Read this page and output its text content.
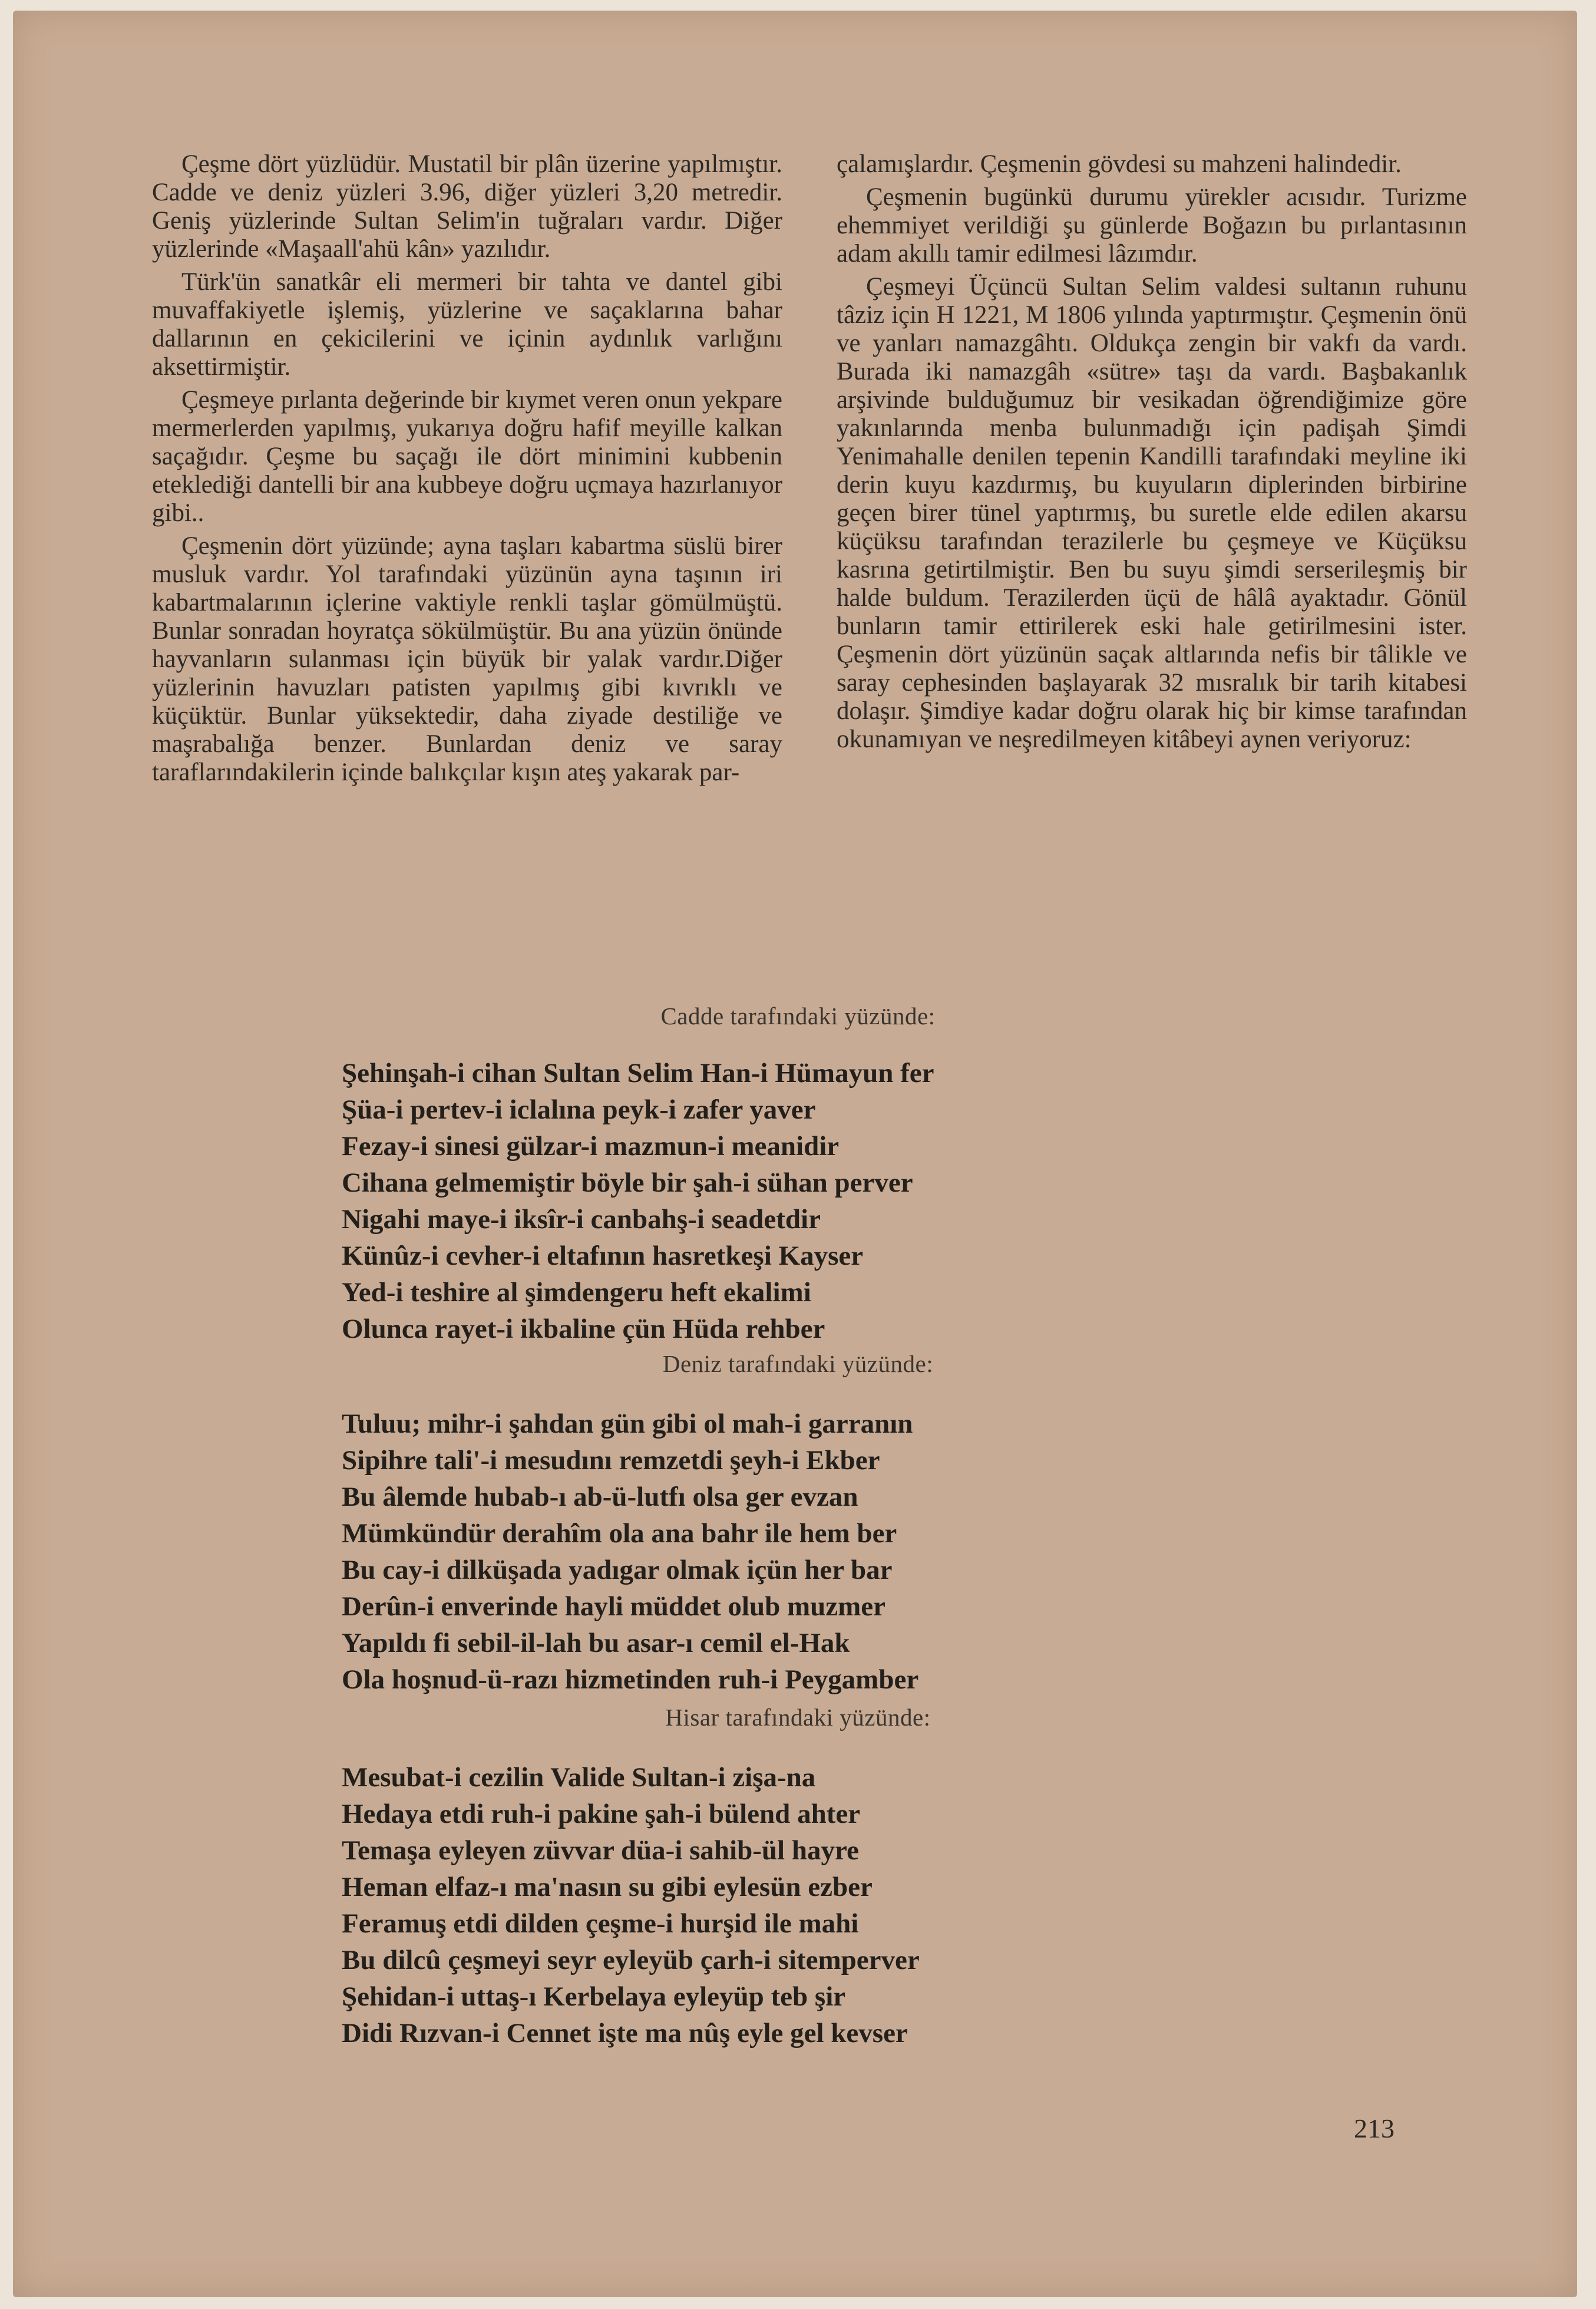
Çeşme dört yüzlüdür. Mustatil bir plân üzerine yapılmıştır. Cadde ve deniz yüzleri 3.96, diğer yüzleri 3,20 metredir. Geniş yüzlerinde Sultan Selim'in tuğraları vardır. Diğer yüzlerinde «Maşaall'ahü kân» yazılıdır.

Türk'ün sanatkâr eli mermeri bir tahta ve dantel gibi muvaffakiyetle işlemiş, yüzlerine ve saçaklarına bahar dallarının en çekicilerini ve içinin aydınlık varlığını aksettirmiştir.

Çeşmeye pırlanta değerinde bir kıymet veren onun yekpare mermerlerden yapılmış, yukarıya doğru hafif meyille kalkan saçağıdır. Çeşme bu saçağı ile dört minimini kubbenin eteklediği dantelli bir ana kubbeye doğru uçmaya hazırlanıyor gibi..

Çeşmenin dört yüzünde; ayna taşları kabartma süslü birer musluk vardır. Yol tarafındaki yüzünün ayna taşının iri kabartmalarının içlerine vaktiyle renkli taşlar gömülmüştü. Bunlar sonradan hoyratça sökülmüştür. Bu ana yüzün önünde hayvanların sulanması için büyük bir yalak vardır.Diğer yüzlerinin havuzları patisten yapılmış gibi kıvrıklı ve küçüktür. Bunlar yüksektedir, daha ziyade destiliğe ve maşrabalığa benzer. Bunlardan deniz ve saray taraflarındakilerin içinde balıkçılar kışın ateş yakarak par-

çalamışlardır. Çeşmenin gövdesi su mahzeni halindedir.

Çeşmenin bugünkü durumu yürekler acısıdır. Turizme ehemmiyet verildiği şu günlerde Boğazın bu pırlantasının adam akıllı tamir edilmesi lâzımdır.

Çeşmeyi Üçüncü Sultan Selim valdesi sultanın ruhunu tâziz için H 1221, M 1806 yılında yaptırmıştır. Çeşmenin önü ve yanları namazgâhtı. Oldukça zengin bir vakfı da vardı. Burada iki namazgâh «sütre» taşı da vardı. Başbakanlık arşivinde bulduğumuz bir vesikadan öğrendiğimize göre yakınlarında menba bulunmadığı için padişah Şimdi Yenimahalle denilen tepenin Kandilli tarafındaki meyline iki derin kuyu kazdırmış, bu kuyuların diplerinden birbirine geçen birer tünel yaptırmış, bu suretle elde edilen akarsu küçüksu tarafından terazilerle bu çeşmeye ve Küçüksu kasrına getirtilmiştir. Ben bu suyu şimdi serserileşmiş bir halde buldum. Terazilerden üçü de hâlâ ayaktadır. Gönül bunların tamir ettirilerek eski hale getirilmesini ister. Çeşmenin dört yüzünün saçak altlarında nefis bir tâlikle ve saray cephesinden başlayarak 32 mısralık bir tarih kitabesi dolaşır. Şimdiye kadar doğru olarak hiç bir kimse tarafından okunamıyan ve neşredilmeyen kitâbeyi aynen veriyoruz:

Cadde tarafındaki yüzünde:
Şehinşah-i cihan Sultan Selim Han-i Hümayun fer
Şüa-i pertev-i iclalına peyk-i zafer yaver
Fezay-i sinesi gülzar-i mazmun-i meanidir
Cihana gelmemiştir böyle bir şah-i sühan perver
Nigahi maye-i iksîr-i canbahş-i seadetdir
Künûz-i cevher-i eltafının hasretkeşi Kayser
Yed-i teshire al şimdengeru heft ekalimi
Olunca rayet-i ikbaline çün Hüda rehber
Deniz tarafındaki yüzünde:
Tuluu; mihr-i şahdan gün gibi ol mah-i garranın
Sipihre tali'-i mesudını remzetdi şeyh-i Ekber
Bu âlemde hubab-ı ab-ü-lutfı olsa ger evzan
Mümkündür derahîm ola ana bahr ile hem ber
Bu cay-i dilküşada yadıgar olmak içün her bar
Derûn-i enverinde hayli müddet olub muzmer
Yapıldı fi sebil-il-lah bu asar-ı cemil el-Hak
Ola hoşnud-ü-razı hizmetinden ruh-i Peygamber
Hisar tarafındaki yüzünde:
Mesubat-i cezilin Valide Sultan-i zişa-na
Hedaya etdi ruh-i pakine şah-i bülend ahter
Temaşa eyleyen züvvar düa-i sahib-ül hayre
Heman elfaz-ı ma'nasın su gibi eylesün ezber
Feramuş etdi dilden çeşme-i hurşid ile mahi
Bu dilcû çeşmeyi seyr eyleyüb çarh-i sitemperver
Şehidan-i uttaş-ı Kerbelaya eyleyüp teb şir
Didi Rızvan-i Cennet işte ma nûş eyle gel kevser
213
